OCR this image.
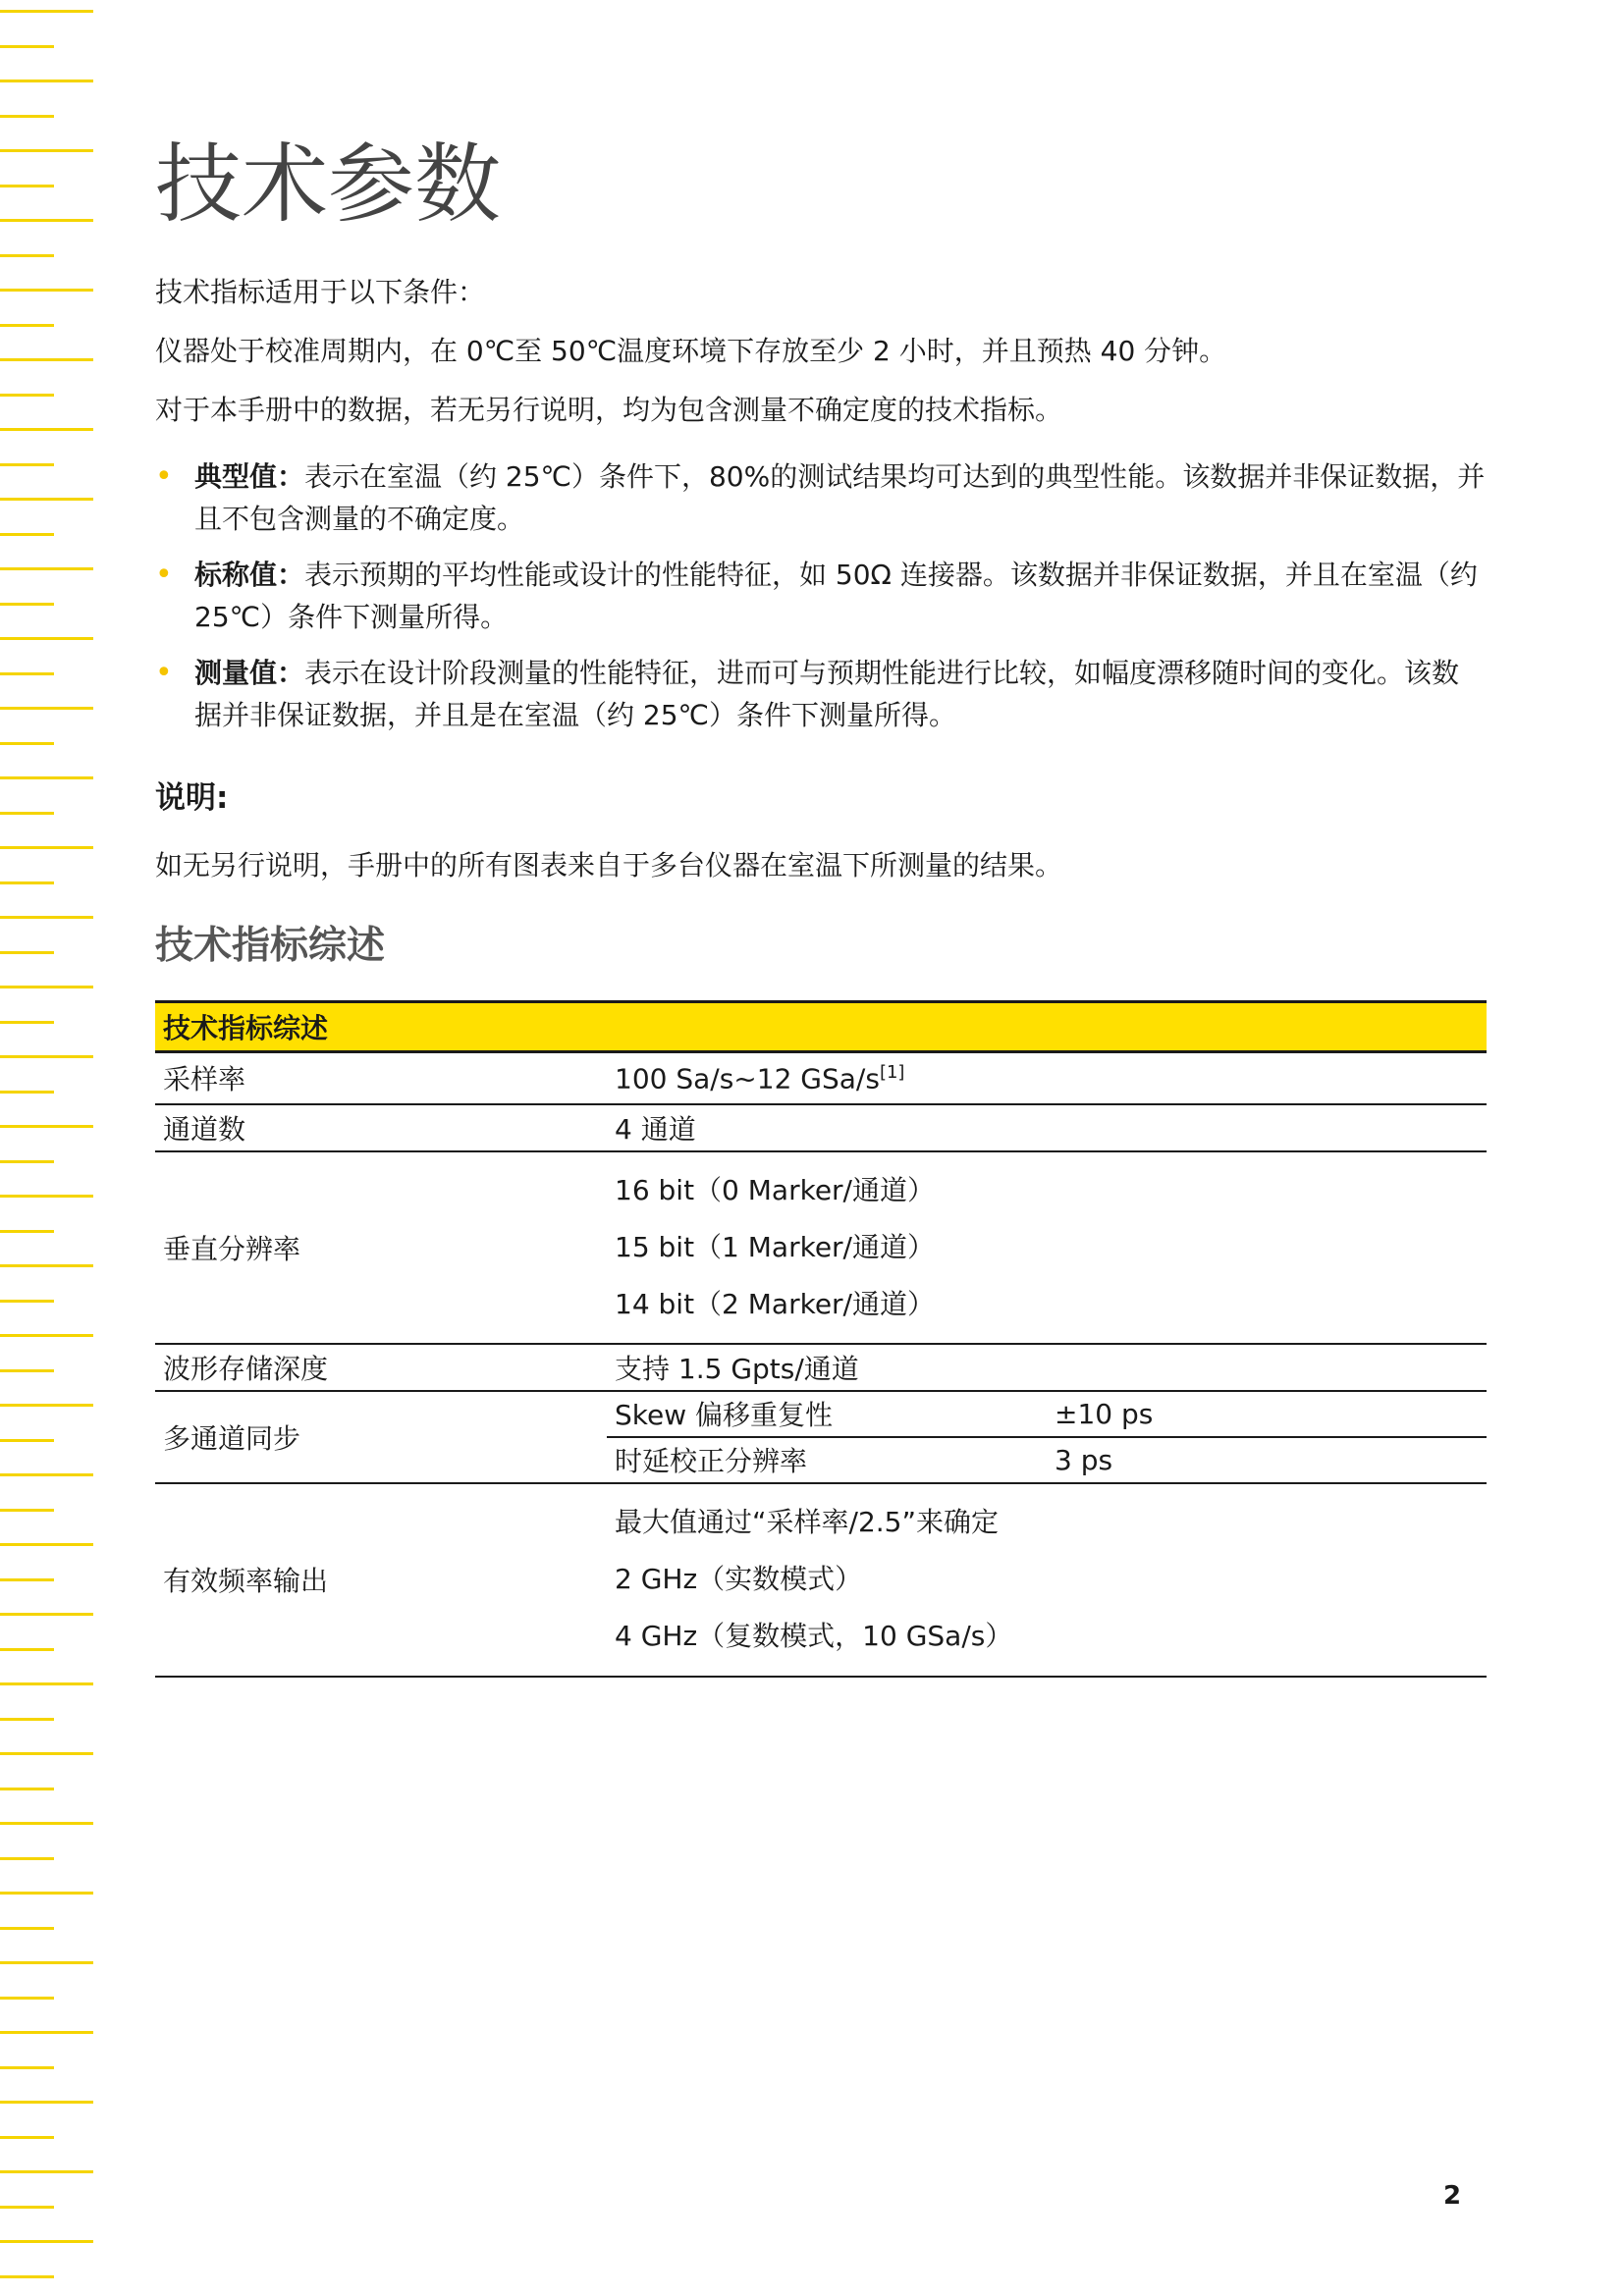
技术参数
技术指标适用于以下条件：
仪器处于校准周期内，在 0℃至 50℃温度环境下存放至少 2 小时，并且预热 40 分钟。
对于本手册中的数据，若无另行说明，均为包含测量不确定度的技术指标。
• 典型值：表示在室温（约 25℃）条件下，80%的测试结果均可达到的典型性能。该数据并非保证数据，并且不包含测量的不确定度。
• 标称值：表示预期的平均性能或设计的性能特征，如 50Ω 连接器。该数据并非保证数据，并且在室温（约 25℃）条件下测量所得。
• 测量值：表示在设计阶段测量的性能特征，进而可与预期性能进行比较，如幅度漂移随时间的变化。该数据并非保证数据，并且是在室温（约 25℃）条件下测量所得。
说明:
如无另行说明，手册中的所有图表来自于多台仪器在室温下所测量的结果。
技术指标综述
技术指标综述		
采样率	100 Sa/s~12 GSa/s[1]
通道数	4 通道	
垂直分辨率	16 bit（0 Marker/通道）
15 bit（1 Marker/通道）
14 bit（2 Marker/通道）	

波形存储深度	支持 1.5 Gpts/通道	
多通道同步	Skew 偏移重复性	±10 ps
	时延校正分辨率	3 ps
有效频率输出	最大值通过“采样率/2.5”来确定
2 GHz（实数模式）
4 GHz（复数模式，10 GSa/s）	
2
